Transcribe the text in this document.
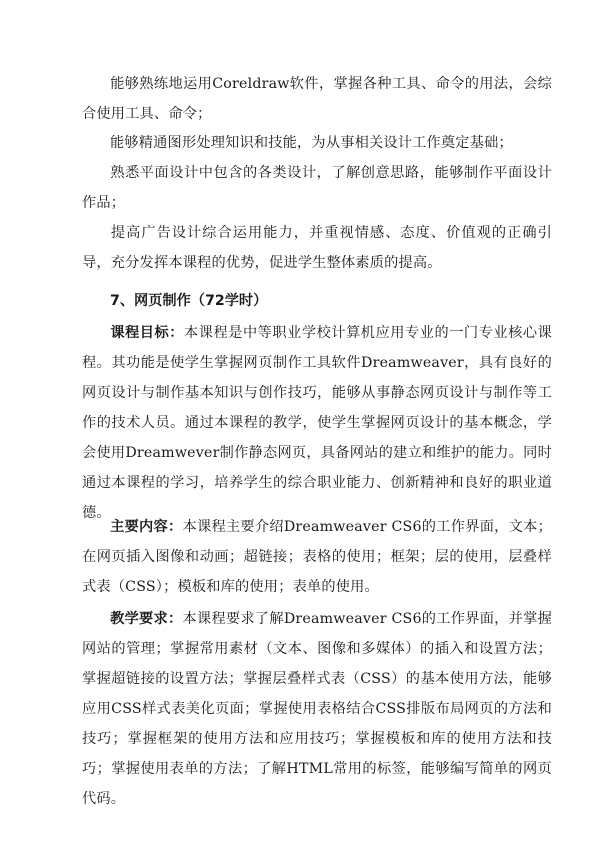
能够熟练地运用Coreldraw软件，掌握各种工具、命令的用法，会综合使用工具、命令；

能够精通图形处理知识和技能，为从事相关设计工作奠定基础；

熟悉平面设计中包含的各类设计，了解创意思路，能够制作平面设计作品；

提高广告设计综合运用能力，并重视情感、态度、价值观的正确引导，充分发挥本课程的优势，促进学生整体素质的提高。

7、网页制作（72学时）

课程目标：本课程是中等职业学校计算机应用专业的一门专业核心课程。其功能是使学生掌握网页制作工具软件Dreamweaver，具有良好的网页设计与制作基本知识与创作技巧，能够从事静态网页设计与制作等工作的技术人员。通过本课程的教学，使学生掌握网页设计的基本概念，学会使用Dreamwever制作静态网页，具备网站的建立和维护的能力。同时通过本课程的学习，培养学生的综合职业能力、创新精神和良好的职业道德。

主要内容：本课程主要介绍Dreamweaver CS6的工作界面，文本；在网页插入图像和动画；超链接；表格的使用；框架；层的使用，层叠样式表（CSS）；模板和库的使用；表单的使用。

教学要求：本课程要求了解Dreamweaver CS6的工作界面，并掌握网站的管理；掌握常用素材（文本、图像和多媒体）的插入和设置方法；掌握超链接的设置方法；掌握层叠样式表（CSS）的基本使用方法，能够应用CSS样式表美化页面；掌握使用表格结合CSS排版布局网页的方法和技巧；掌握框架的使用方法和应用技巧；掌握模板和库的使用方法和技巧；掌握使用表单的方法；了解HTML常用的标签，能够编写简单的网页代码。
